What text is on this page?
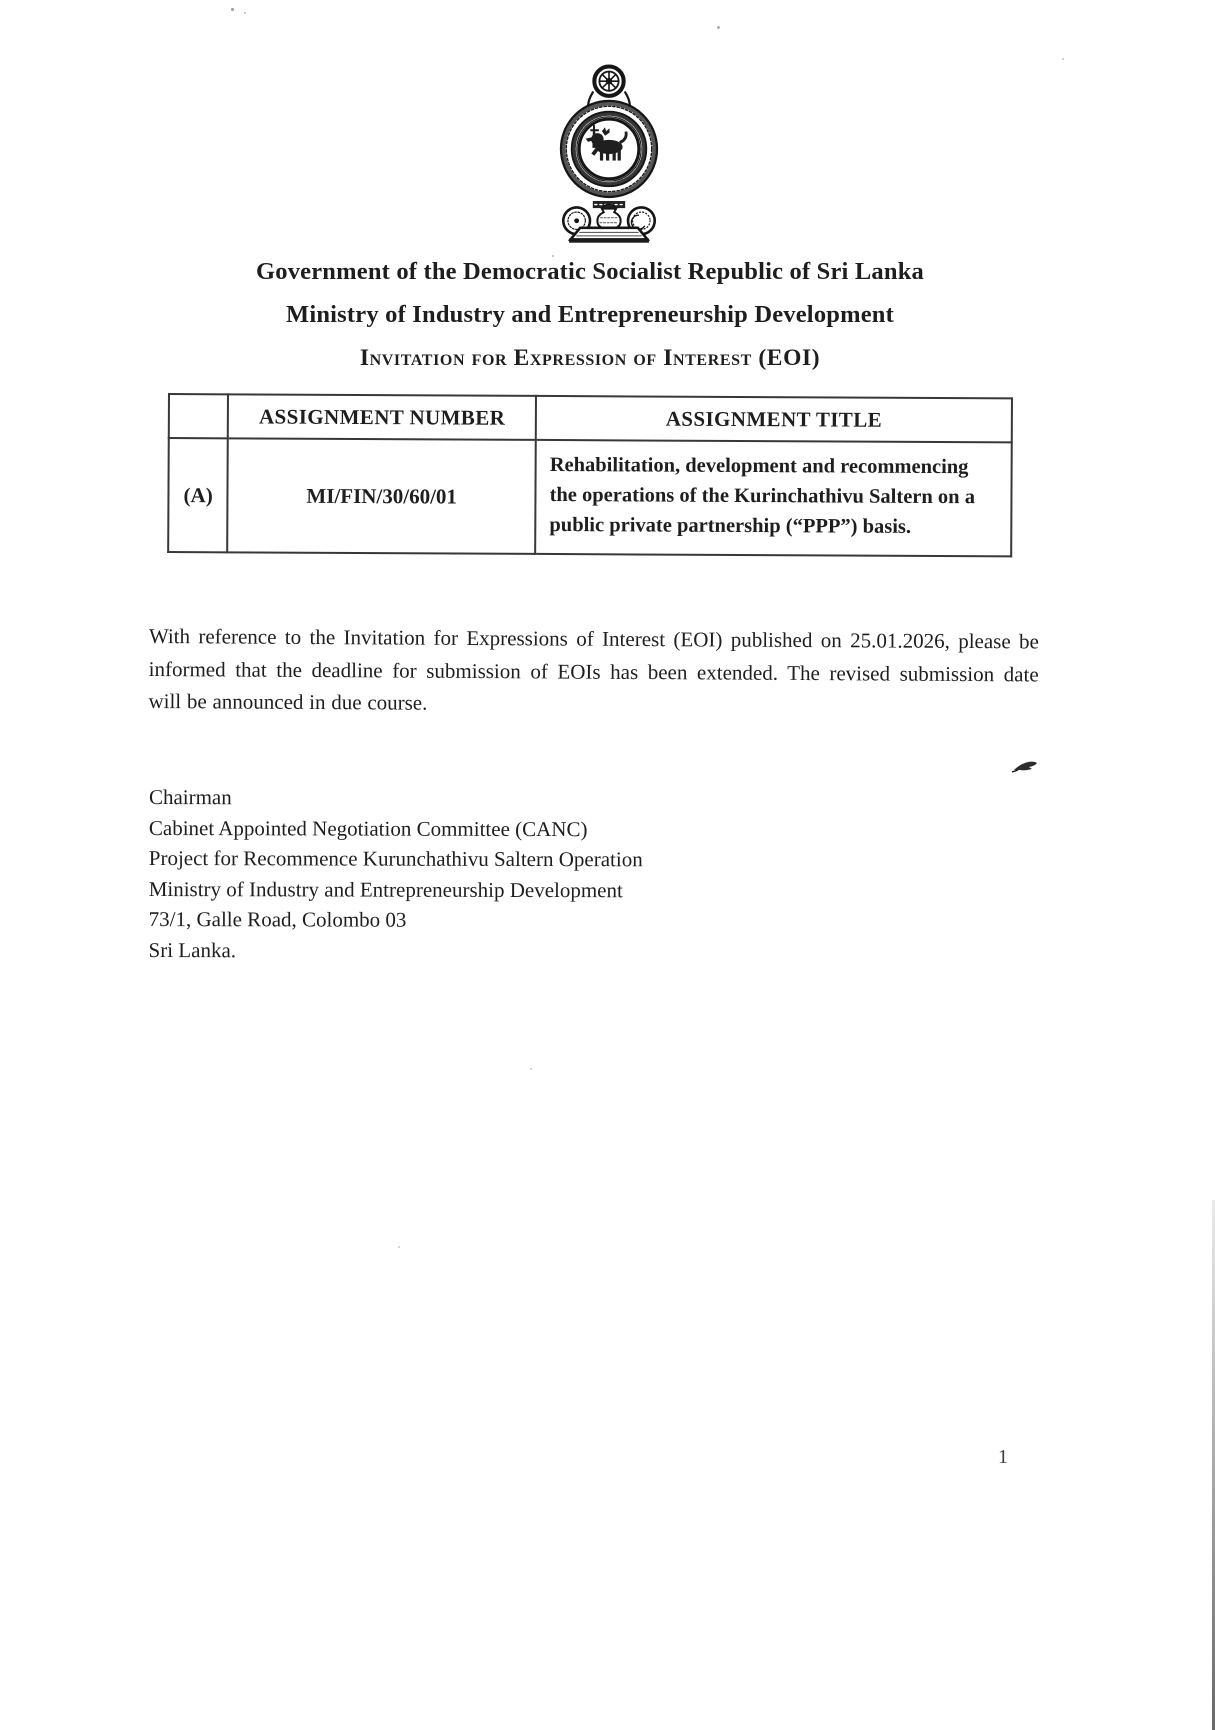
Government of the Democratic Socialist Republic of Sri Lanka
Ministry of Industry and Entrepreneurship Development
Invitation for Expression of Interest (EOI)
	ASSIGNMENT NUMBER	ASSIGNMENT TITLE
(A)	MI/FIN/30/60/01	Rehabilitation, development and recommencing the operations of the Kurinchathivu Saltern on a public private partnership (“PPP”) basis.
With reference to the Invitation for Expressions of Interest (EOI) published on 25.01.2026, please be
informed that the deadline for submission of EOIs has been extended. The revised submission date
will be announced in due course.
Chairman
Cabinet Appointed Negotiation Committee (CANC)
Project for Recommence Kurunchathivu Saltern Operation
Ministry of Industry and Entrepreneurship Development
73/1, Galle Road, Colombo 03
Sri Lanka.
1
